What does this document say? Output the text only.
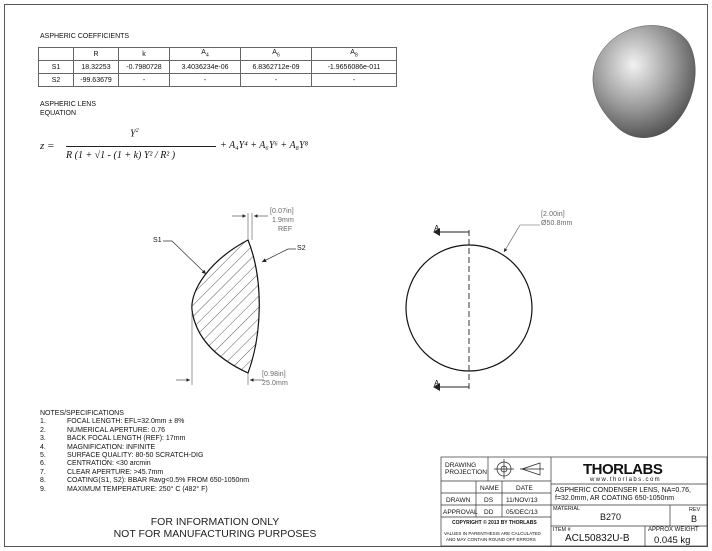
ASPHERIC COEFFICIENTS
	R	k	$A_4$	$A_6$	$A_8$
S1	18.32253	-0.7980728	3.4036234e-06	6.8362712e-09	-1.9656086e-011
S2	-99.63679	-	-	-	-
ASPHERIC LENS
EQUATION
z =
$Y^2$
R (1 + √1 - (1 + k) Y² / R² )
+ A₄Y⁴ + A₆Y⁶ + A₈Y⁸
S1
S2
[0.07in]
1.9mm
REF
[0.98in]
25.0mm
[2.00in]
Ø50.8mm
A
A
NOTES/SPECIFICATIONS
1.	FOCAL LENGTH: EFL=32.0mm ± 8%
2.	NUMERICAL APERTURE: 0.76
3.	BACK FOCAL LENGTH (REF): 17mm
4.	MAGNIFICATION: INFINITE
5.	SURFACE QUALITY: 80-50 SCRATCH-DIG
6.	CENTRATION: <30 arcmin
7.	CLEAR APERTURE: >45.7mm
8.	COATING(S1, S2): BBAR Ravg<0.5% FROM 650-1050nm
9.	MAXIMUM TEMPERATURE: 250° C (482° F)
FOR INFORMATION ONLY
NOT FOR MANUFACTURING PURPOSES
DRAWING
PROJECTION
NAME	DATE
DRAWN DS 11/NOV/13
APPROVAL DD 05/DEC/13
COPYRIGHT © 2013 BY THORLABS
VALUES IN PARENTHESIS ARE CALCULATED
AND MAY CONTAIN ROUND OFF ERRORS
THORLABS
www.thorlabs.com
ASPHERIC CONDENSER LENS, NA=0.76,
f=32.0mm, AR COATING 650-1050nm
MATERIAL
B270
REV
B
ITEM #
ACL50832U-B
APPROX WEIGHT
0.045 kg
